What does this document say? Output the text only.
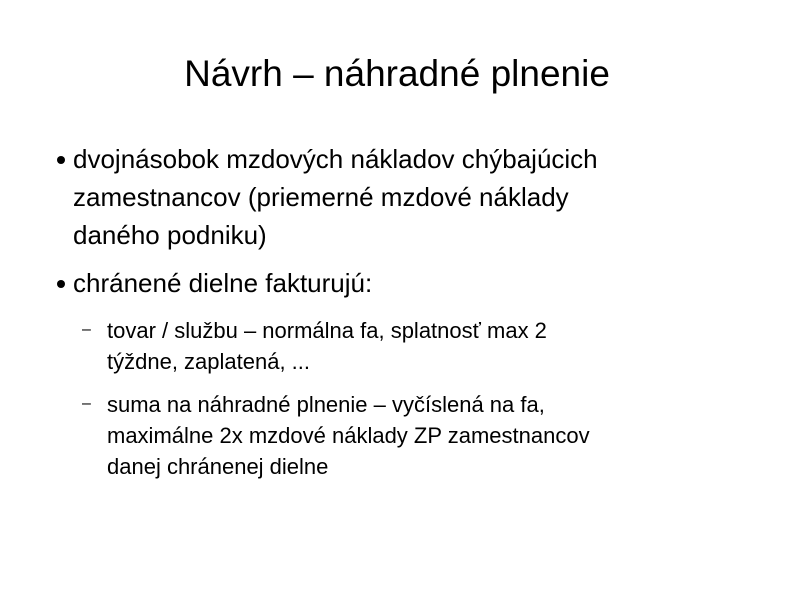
Návrh – náhradné plnenie
dvojnásobok mzdových nákladov chýbajúcich
zamestnancov (priemerné mzdové náklady
daného podniku)
chránené dielne fakturujú:
– tovar / službu – normálna fa, splatnosť max 2
týždne, zaplatená, ...
– suma na náhradné plnenie – vyčíslená na fa,
maximálne 2x mzdové náklady ZP zamestnancov
danej chránenej dielne
